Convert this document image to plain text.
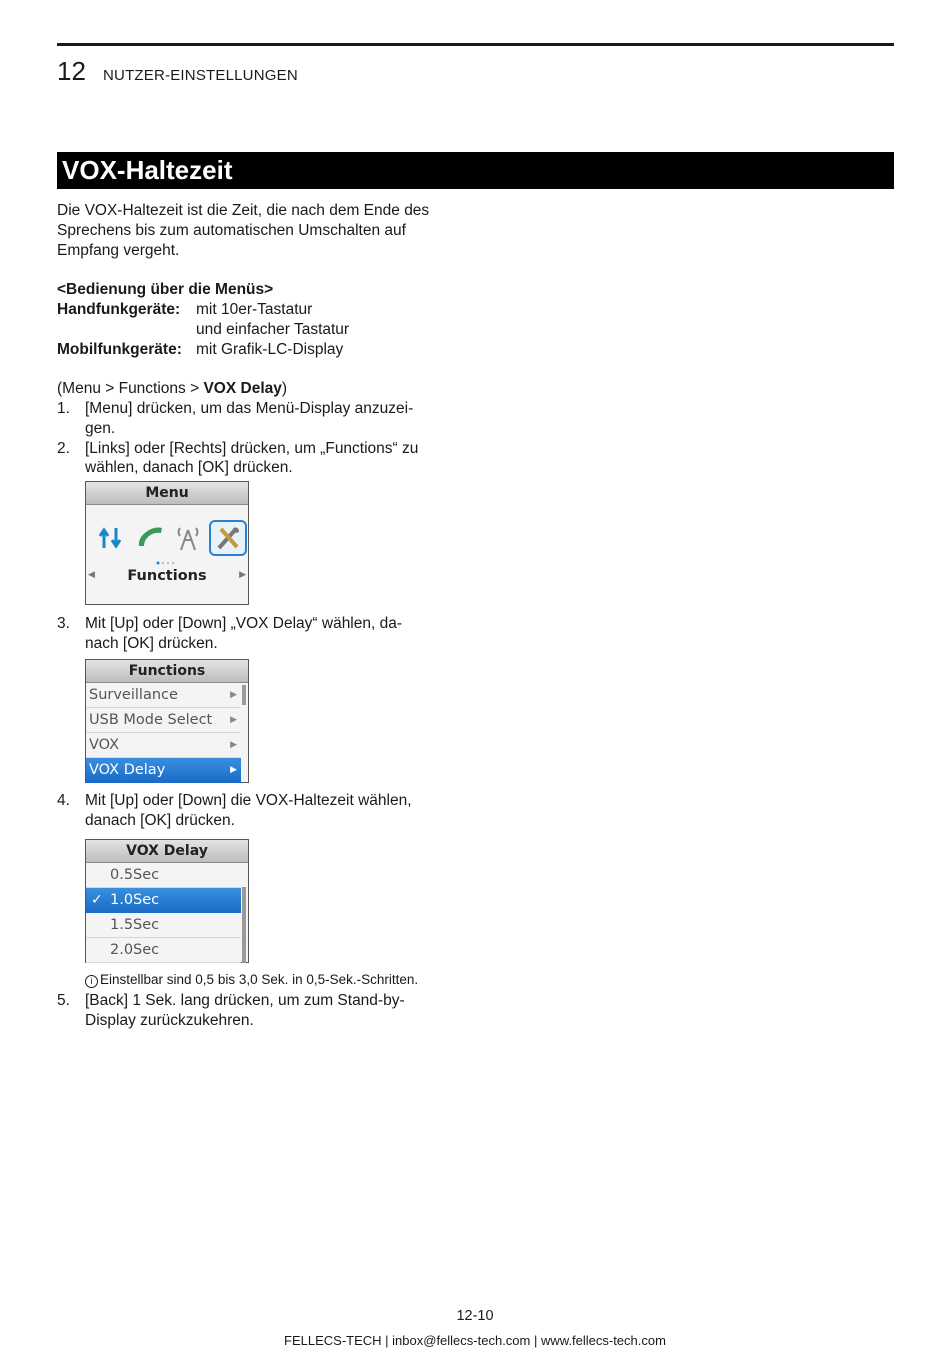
12 NUTZER-EINSTELLUNGEN
VOX-Haltezeit

Die VOX-Haltezeit ist die Zeit, die nach dem Ende des

Sprechens bis zum automatischen Umschalten auf

Empfang vergeht.

<Bedienung über die Menüs>

Handfunkgeräte:	mit 10er-Tastatur
und einfacher Tastatur
Mobilfunkgeräte: mit Grafik-LC-Display

(Menu > Functions > VOX Delay)

1. [Menu] drücken, um das Menü-Display anzuzei-
gen.
2. [Links] oder [Rechts] drücken, um „Functions“ zu
wählen, danach [OK] drücken.
Menu
◀	Functions	▶
3. Mit [Up] oder [Down] „VOX Delay“ wählen, da-
nach [OK] drücken.
Functions
Surveillance	▶
USB Mode Select ▶
VOX	▶
VOX Delay	▶
4. Mit [Up] oder [Down] die VOX-Haltezeit wählen,
danach [OK] drücken.
VOX Delay
0.5Sec
✓ 1.0Sec
1.5Sec
2.0Sec
i Einstellbar sind 0,5 bis 3,0 Sek. in 0,5-Sek.-Schritten.
5. [Back] 1 Sek. lang drücken, um zum Stand-by-
Display zurückzukehren.
12-10
FELLECS-TECH | inbox@fellecs-tech.com | www.fellecs-tech.com
